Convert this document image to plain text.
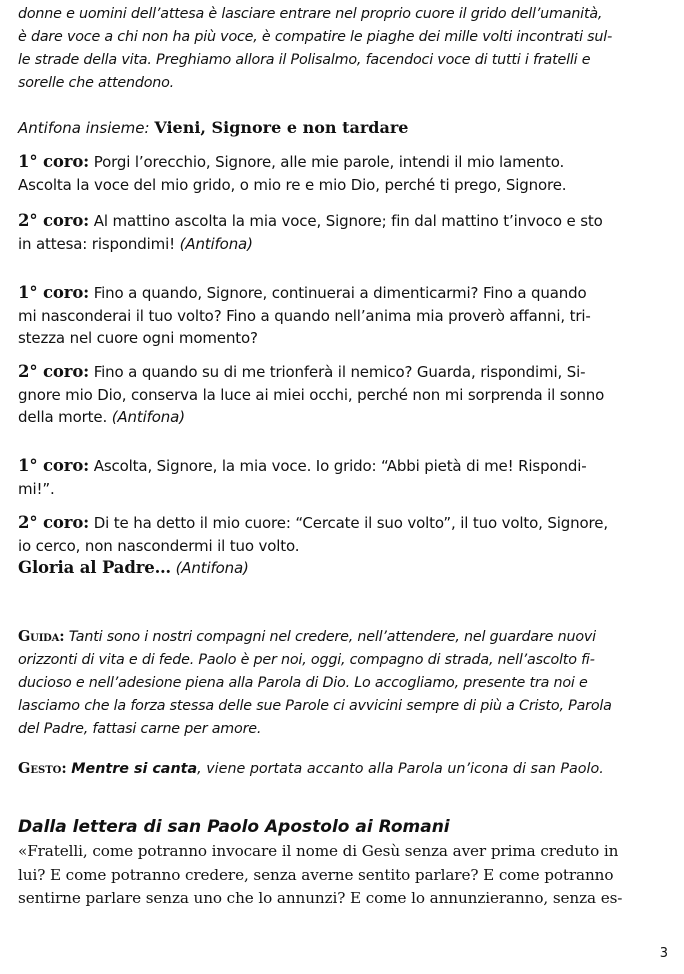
donne e uomini dell’attesa è lasciare entrare nel proprio cuore il grido dell’umanità,
è dare voce a chi non ha più voce, è compatire le piaghe dei mille volti incontrati sul-
le strade della vita. Preghiamo allora il Polisalmo, facendoci voce di tutti i fratelli e
sorelle che attendono.
Antifona insieme: Vieni, Signore e non tardare
1° coro: Porgi l’orecchio, Signore, alle mie parole, intendi il mio lamento.
Ascolta la voce del mio grido, o mio re e mio Dio, perché ti prego, Signore.
2° coro: Al mattino ascolta la mia voce, Signore; fin dal mattino t’invoco e sto
in attesa: rispondimi! (Antifona)
1° coro: Fino a quando, Signore, continuerai a dimenticarmi? Fino a quando
mi nasconderai il tuo volto? Fino a quando nell’anima mia proverò affanni, tri-
stezza nel cuore ogni momento?
2° coro: Fino a quando su di me trionferà il nemico? Guarda, rispondimi, Si-
gnore mio Dio, conserva la luce ai miei occhi, perché non mi sorprenda il sonno
della morte. (Antifona)
1° coro: Ascolta, Signore, la mia voce. Io grido: “Abbi pietà di me! Rispondi-
mi!”.
2° coro: Di te ha detto il mio cuore: “Cercate il suo volto”, il tuo volto, Signore,
io cerco, non nascondermi il tuo volto.
Gloria al Padre… (Antifona)
Guida: Tanti sono i nostri compagni nel credere, nell’attendere, nel guardare nuovi
orizzonti di vita e di fede. Paolo è per noi, oggi, compagno di strada, nell’ascolto fi-
ducioso e nell’adesione piena alla Parola di Dio. Lo accogliamo, presente tra noi e
lasciamo che la forza stessa delle sue Parole ci avvicini sempre di più a Cristo, Parola
del Padre, fattasi carne per amore.
Gesto: Mentre si canta, viene portata accanto alla Parola un’icona di san Paolo.
Dalla lettera di san Paolo Apostolo ai Romani
«Fratelli, come potranno invocare il nome di Gesù senza aver prima creduto in
lui? E come potranno credere, senza averne sentito parlare? E come potranno
sentirne parlare senza uno che lo annunzi? E come lo annunzieranno, senza es-
3
